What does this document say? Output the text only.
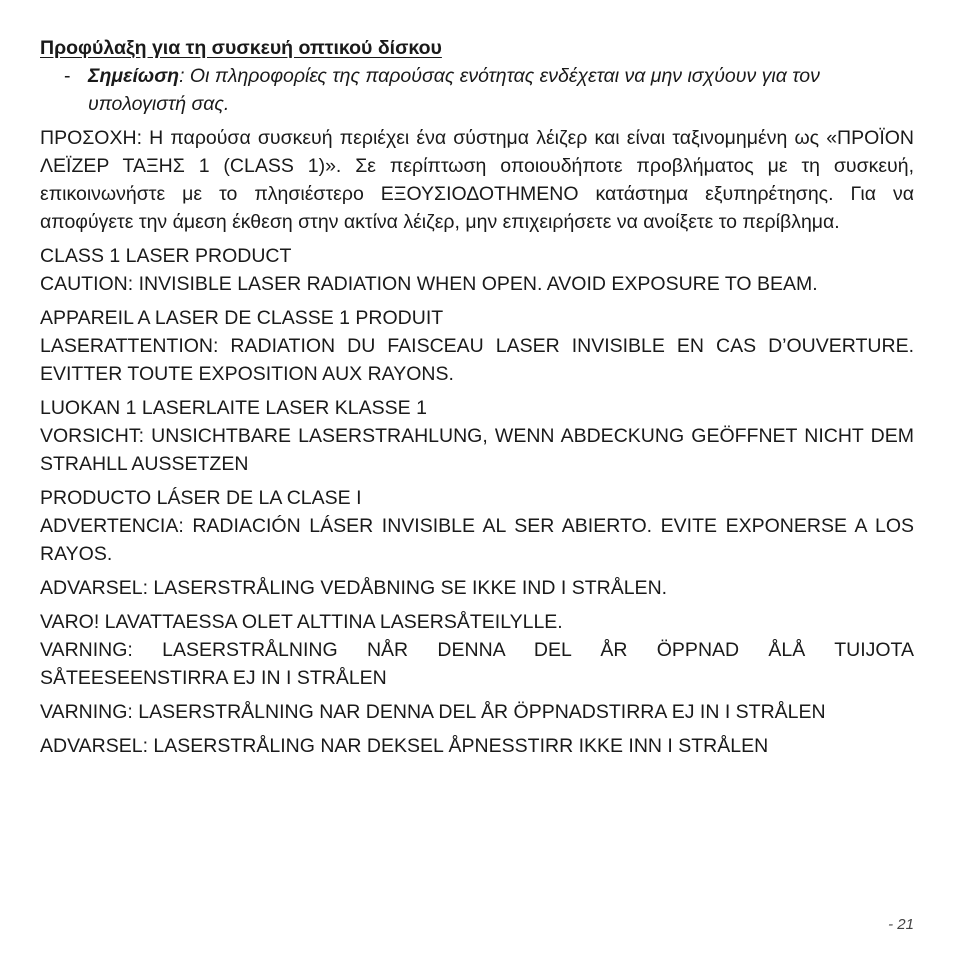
Προφύλαξη για τη συσκευή οπτικού δίσκου
- Σημείωση: Οι πληροφορίες της παρούσας ενότητας ενδέχεται να μην ισχύουν για τον υπολογιστή σας.
ΠΡΟΣΟΧΗ: Η παρούσα συσκευή περιέχει ένα σύστημα λέιζερ και είναι ταξινομημένη ως «ΠΡΟΪΟΝ ΛΕΪΖΕΡ ΤΑΞΗΣ 1 (CLASS 1)». Σε περίπτωση οποιουδήποτε προβλήματος με τη συσκευή, επικοινωνήστε με το πλησιέστερο ΕΞΟΥΣΙΟΔΟΤΗΜΕΝΟ κατάστημα εξυπηρέτησης. Για να αποφύγετε την άμεση έκθεση στην ακτίνα λέιζερ, μην επιχειρήσετε να ανοίξετε το περίβλημα.
CLASS 1 LASER PRODUCT
CAUTION: INVISIBLE LASER RADIATION WHEN OPEN. AVOID EXPOSURE TO BEAM.
APPAREIL A LASER DE CLASSE 1 PRODUIT
LASERATTENTION: RADIATION DU FAISCEAU LASER INVISIBLE EN CAS D’OUVERTURE. EVITTER TOUTE EXPOSITION AUX RAYONS.
LUOKAN 1 LASERLAITE LASER KLASSE 1
VORSICHT: UNSICHTBARE LASERSTRAHLUNG, WENN ABDECKUNG GEÖFFNET NICHT DEM STRAHLL AUSSETZEN
PRODUCTO LÁSER DE LA CLASE I
ADVERTENCIA: RADIACIÓN LÁSER INVISIBLE AL SER ABIERTO. EVITE EXPONERSE A LOS RAYOS.
ADVARSEL: LASERSTRÅLING VEDÅBNING SE IKKE IND I STRÅLEN.
VARO! LAVATTAESSA OLET ALTTINA LASERSÅTEILYLLE.
VARNING: LASERSTRÅLNING NÅR DENNA DEL ÅR ÖPPNAD ÅLÅ TUIJOTA SÅTEESEENSTIRRA EJ IN I STRÅLEN
VARNING: LASERSTRÅLNING NAR DENNA DEL ÅR ÖPPNADSTIRRA EJ IN I STRÅLEN
ADVARSEL: LASERSTRÅLING NAR DEKSEL ÅPNESSTIRR IKKE INN I STRÅLEN
- 21
